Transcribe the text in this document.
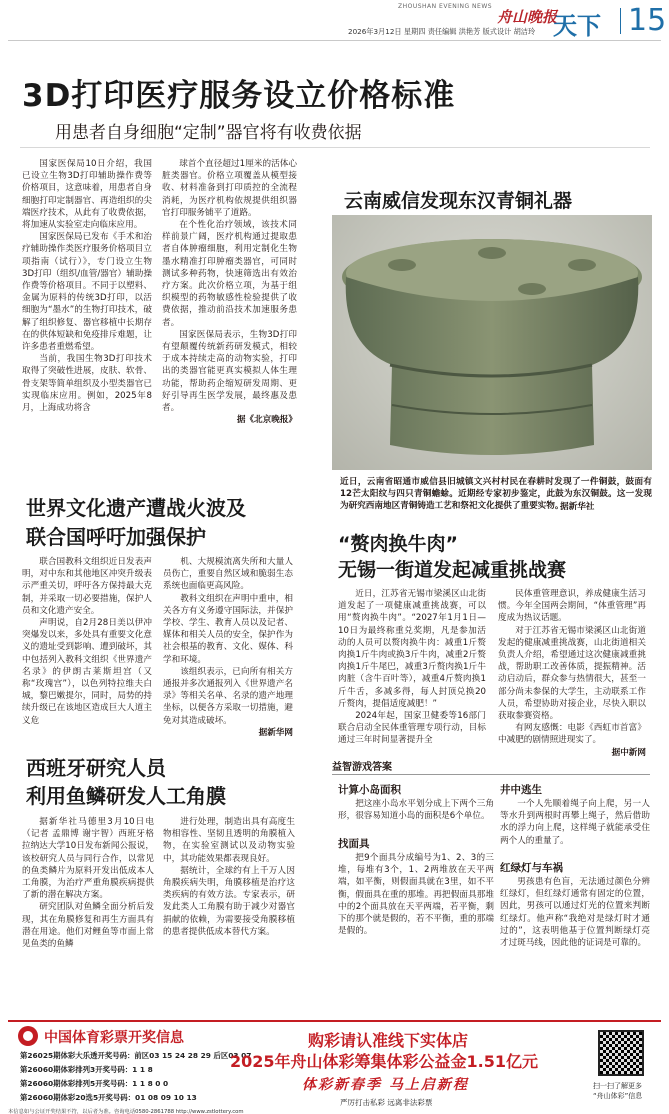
ZHOUSHAN EVENING NEWS
舟山晚报
天下 15
2026年3月12日 星期四 责任编辑 洪艳芳 版式设计 胡洁玲
3D打印医疗服务设立价格标准
用患者自身细胞“定制”器官将有收费依据

国家医保局10日介绍，我国已设立生物3D打印辅助操作费等价格项目，这意味着，用患者自身细胞打印定制器官、再造组织的尖端医疗技术，从此有了收费依据，将加速从实验室走向临床应用。

国家医保局已发布《手术和治疗辅助操作类医疗服务价格项目立项指南（试行）》，专门设立生物3D打印（组织/血管/器官）辅助操作费等价格项目。不同于以塑料、金属为原料的传统3D打印，以活细胞为“墨水”的生物打印技术，破解了组织修复、器官移植中长期存在的供体短缺和免疫排斥难题，让许多患者重燃希望。

当前，我国生物3D打印技术取得了突破性进展，皮肤、软骨、骨支架等简单组织及小型类器官已实现临床应用。例如，2025年8月，上海成功将含

球首个直径超过1厘米的活体心脏类器官。价格立项覆盖从模型接收、材料准备到打印质控的全流程消耗，为医疗机构依规提供组织器官打印服务铺平了道路。

在个性化治疗领域，该技术同样前景广阔，医疗机构通过提取患者自体肿瘤细胞，利用定制化生物墨水精准打印肿瘤类器官，可同时测试多种药物，快速筛选出有效治疗方案。此次价格立项，为基于组织模型的药物敏感性检验提供了收费依据，推动前沿技术加速服务患者。

国家医保局表示，生物3D打印有望颠覆传统新药研发模式，相较于成本持续走高的动物实验，打印出的类器官能更真实模拟人体生理功能，帮助药企缩短研发周期、更好引导再生医学发展，最终惠及患者。

据《北京晚报》
云南威信发现东汉青铜礼器
近日，云南省昭通市威信县旧城镇文兴村村民在春耕时发现了一件铜鼓，鼓面有12芒太阳纹与四只青铜蟾蜍。近期经专家初步鉴定，此鼓为东汉铜鼓。这一发现为研究西南地区青铜铸造工艺和祭祀文化提供了重要实物。
据新华社
世界文化遗产遭战火波及
联合国呼吁加强保护

联合国教科文组织近日发表声明，对中东和其他地区冲突升级表示严重关切，呼吁各方保持最大克制，并采取一切必要措施，保护人员和文化遗产安全。

声明说，自2月28日美以伊冲突爆发以来，多处具有重要文化意义的遗址受到影响、遭到破坏，其中包括列入教科文组织《世界遗产名录》的伊朗古莱斯坦宫（又称“玫瑰宫”），以色列特拉维夫白城，黎巴嫩提尔，同时，局势的持续升级已在该地区造成巨大人道主义危

机、大规模流离失所和大量人员伤亡，重要自然区域和脆弱生态系统也面临更高风险。

教科文组织在声明中重申，相关各方有义务遵守国际法，并保护学校、学生、教育人员以及记者、媒体和相关人员的安全，保护作为社会根基的教育、文化、媒体、科学和环境。

该组织表示，已向所有相关方通报并多次通报列入《世界遗产名录》等相关名单、名录的遗产地理坐标，以便各方采取一切措施，避免对其造成破坏。

据新华网
“赘肉换牛肉”
无锡一街道发起减重挑战赛

近日，江苏省无锡市梁溪区山北街道发起了一项健康减重挑战赛，可以用“赘肉换牛肉”。“2027年1月1日—10日为最终称重兑奖期，凡是参加活动的人员可以赘肉换牛肉：减重1斤赘肉换1斤牛肉或换3斤牛肉，减重2斤赘肉换1斤牛尾巴，减重3斤赘肉换1斤牛肉脏（含牛百叶等），减重4斤赘肉换1斤牛舌，多减多得，每人封顶兑换20斤赘肉，提倡适度减肥！”

2024年起，国家卫健委等16部门联合启动全民体重管理专项行动，目标通过三年时间显著提升全

民体重管理意识，养成健康生活习惯。今年全国两会期间，“体重管理”再度成为热议话题。

对于江苏省无锡市梁溪区山北街道发起的健康减重挑战赛，山北街道相关负责人介绍，希望通过这次健康减重挑战，帮助职工改善体质，提振精神。活动启动后，群众参与热情很大，甚至一部分尚未参保的大学生，主动联系工作人员，希望协助对接企业，尽快入职以获取参赛资格。

有网友感慨：电影《西虹市首富》中减肥的剧情照进现实了。

据中新网
西班牙研究人员
利用鱼鳞研发人工角膜

据新华社马德里3月10日电（记者 孟鼎博 谢宇智）西班牙格拉纳达大学10日发布新闻公报说，该校研究人员与同行合作，以常见的鱼类鳞片为原料开发出低成本人工角膜，为治疗严重角膜疾病提供了新的潜在解决方案。

研究团队对鱼鳞全面分析后发现，其在角膜修复和再生方面具有潜在用途。他们对鲤鱼等市面上常见鱼类的鱼鳞

进行处理，制造出具有高度生物相容性、坚韧且透明的角膜植入物，在实验室测试以及动物实验中，其功能效果都表现良好。

据统计，全球约有上千万人因角膜疾病失明，角膜移植是治疗这类疾病的有效方法。专家表示，研发此类人工角膜有助于减少对器官捐献的依赖，为需要接受角膜移植的患者提供低成本替代方案。

益智游戏答案
计算小岛面积

把这座小岛水平划分成上下两个三角形，很容易知道小岛的面积是6个单位。

找面具

把9个面具分成编号为1、2、3的三堆，每堆有3个，1、2两堆放在天平两端，如平衡，则假面具就在3里，如不平衡，假面具在重的那堆。再把假面具那堆中的2个面具放在天平两端，若平衡，剩下的那个就是假的，若不平衡，重的那端是假的。

井中逃生

一个人先顺着绳子向上爬，另一人等水升到两根时再攀上绳子，然后借助水的浮力向上爬，这样绳子就能承受住两个人的重量了。

红绿灯与车祸

男孩患有色盲，无法通过颜色分辨红绿灯，但红绿灯通常有固定的位置，因此，男孩可以通过灯光的位置来判断红绿灯。他声称“我绝对是绿灯时才通过的”，这表明他基于位置判断绿灯亮才过斑马线，因此他的证词是可靠的。

中国体育彩票开奖信息
第26025期体彩大乐透开奖号码：前区03 15 24 28 29 后区03 07
第26060期体彩排列3开奖号码：1 1 8
第26060期体彩排列5开奖号码：1 1 8 0 0
第26060期体彩20选5开奖号码：01 08 09 10 13
本信息如与公证开奖结果不符，以后者为准。咨询电话0580-2861788 http://www.zstlottery.com
购彩请认准线下实体店
2025年舟山体彩筹集体彩公益金1.51亿元
体彩新春季 马上启新程
严厉打击私彩 远离非法彩票
扫一扫了解更多
“舟山体彩”信息
